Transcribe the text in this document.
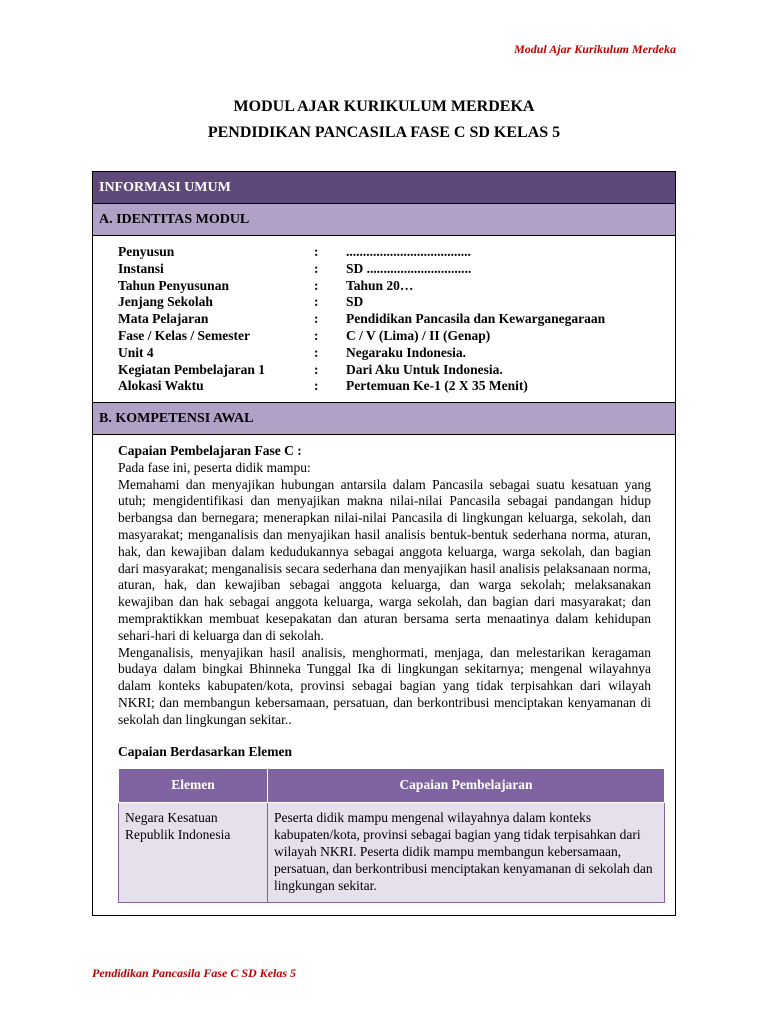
Modul Ajar Kurikulum Merdeka
MODUL AJAR KURIKULUM MERDEKA
PENDIDIKAN PANCASILA FASE C SD KELAS 5
INFORMASI UMUM
A. IDENTITAS MODUL
Penyusun	:	.....................................
Instansi	:	SD ...............................
Tahun Penyusunan	:	Tahun 20…
Jenjang Sekolah	:	SD
Mata Pelajaran	:	Pendidikan Pancasila dan Kewarganegaraan
Fase / Kelas / Semester	:	C / V (Lima) / II (Genap)
Unit 4	:	Negaraku Indonesia.
Kegiatan Pembelajaran 1	:	Dari Aku Untuk Indonesia.
Alokasi Waktu	:	Pertemuan Ke-1 (2 X 35 Menit)
B. KOMPETENSI AWAL
Capaian Pembelajaran Fase C :

Pada fase ini, peserta didik mampu:

Memahami dan menyajikan hubungan antarsila dalam Pancasila sebagai suatu kesatuan yang utuh; mengidentifikasi dan menyajikan makna nilai-nilai Pancasila sebagai pandangan hidup berbangsa dan bernegara; menerapkan nilai-nilai Pancasila di lingkungan keluarga, sekolah, dan masyarakat; menganalisis dan menyajikan hasil analisis bentuk-bentuk sederhana norma, aturan, hak, dan kewajiban dalam kedudukannya sebagai anggota keluarga, warga sekolah, dan bagian dari masyarakat; menganalisis secara sederhana dan menyajikan hasil analisis pelaksanaan norma, aturan, hak, dan kewajiban sebagai anggota keluarga, dan warga sekolah; melaksanakan kewajiban dan hak sebagai anggota keluarga, warga sekolah, dan bagian dari masyarakat; dan mempraktikkan membuat kesepakatan dan aturan bersama serta menaatinya dalam kehidupan sehari-hari di keluarga dan di sekolah.

Menganalisis, menyajikan hasil analisis, menghormati, menjaga, dan melestarikan keragaman budaya dalam bingkai Bhinneka Tunggal Ika di lingkungan sekitarnya; mengenal wilayahnya dalam konteks kabupaten/kota, provinsi sebagai bagian yang tidak terpisahkan dari wilayah NKRI; dan membangun kebersamaan, persatuan, dan berkontribusi menciptakan kenyamanan di sekolah dan lingkungan sekitar..

Capaian Berdasarkan Elemen
Elemen	Capaian Pembelajaran
Negara Kesatuan Republik Indonesia	Peserta didik mampu mengenal wilayahnya dalam konteks kabupaten/kota, provinsi sebagai bagian yang tidak terpisahkan dari wilayah NKRI. Peserta didik mampu membangun kebersamaan, persatuan, dan berkontribusi menciptakan kenyamanan di sekolah dan lingkungan sekitar.
Pendidikan Pancasila Fase C SD Kelas 5
